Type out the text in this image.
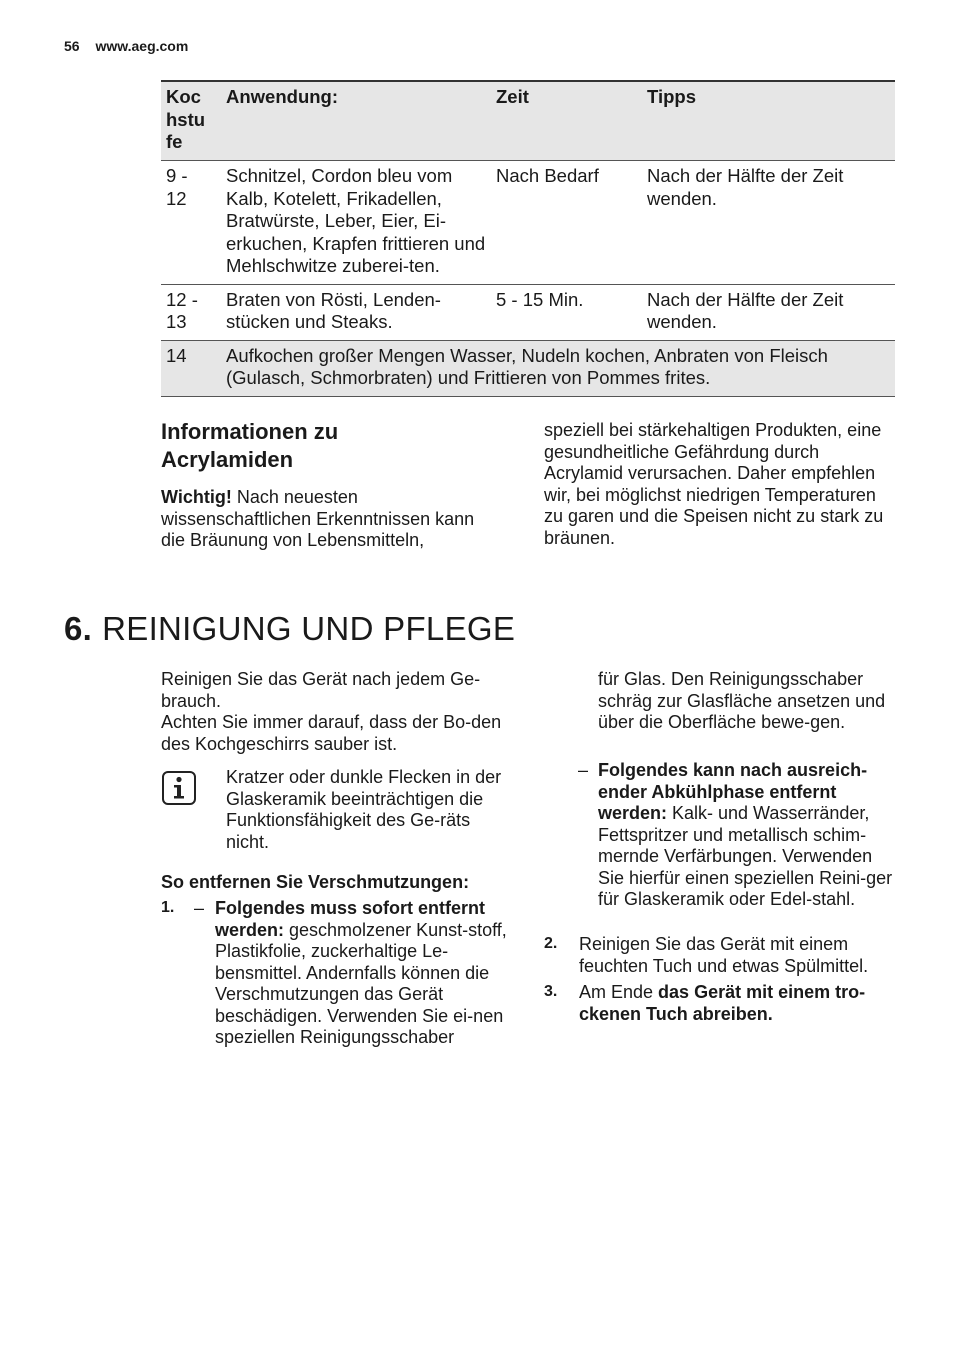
56 www.aeg.com
Koc
hstu
fe	Anwendung:	Zeit	Tipps
9 -
12	Schnitzel, Cordon bleu vom Kalb, Kotelett, Frikadellen, Bratwürste, Leber, Eier, Ei-erkuchen, Krapfen frittieren und Mehlschwitze zuberei-ten.	Nach Bedarf	Nach der Hälfte der Zeit wenden.
12 -
13	Braten von Rösti, Lenden-stücken und Steaks.	5 - 15 Min.	Nach der Hälfte der Zeit wenden.
14	Aufkochen großer Mengen Wasser, Nudeln kochen, Anbraten von Fleisch (Gulasch, Schmorbraten) und Frittieren von Pommes frites.		
Informationen zu Acrylamiden

Wichtig! Nach neuesten wissenschaftlichen Erkenntnissen kann die Bräunung von Lebensmitteln,

speziell bei stärkehaltigen Produkten, eine gesundheitliche Gefährdung durch Acrylamid verursachen. Daher empfehlen wir, bei möglichst niedrigen Temperaturen zu garen und die Speisen nicht zu stark zu bräunen.

6. REINIGUNG UND PFLEGE

Reinigen Sie das Gerät nach jedem Ge-brauch.

Achten Sie immer darauf, dass der Bo-den des Kochgeschirrs sauber ist.

Kratzer oder dunkle Flecken in der Glaskeramik beeinträchtigen die Funktionsfähigkeit des Ge-räts nicht.

So entfernen Sie Verschmutzungen:

1. – Folgendes muss sofort entfernt werden: geschmolzener Kunst-stoff, Plastikfolie, zuckerhaltige Le-bensmittel. Andernfalls können die Verschmutzungen das Gerät beschädigen. Verwenden Sie ei-nen speziellen Reinigungsschaber

für Glas. Den Reinigungsschaber schräg zur Glasfläche ansetzen und über die Oberfläche bewe-gen.

– Folgendes kann nach ausreich-ender Abkühlphase entfernt werden: Kalk- und Wasserränder, Fettspritzer und metallisch schim-mernde Verfärbungen. Verwenden Sie hierfür einen speziellen Reini-ger für Glaskeramik oder Edel-stahl.

2. Reinigen Sie das Gerät mit einem feuchten Tuch und etwas Spülmittel.

3. Am Ende das Gerät mit einem tro-ckenen Tuch abreiben.
